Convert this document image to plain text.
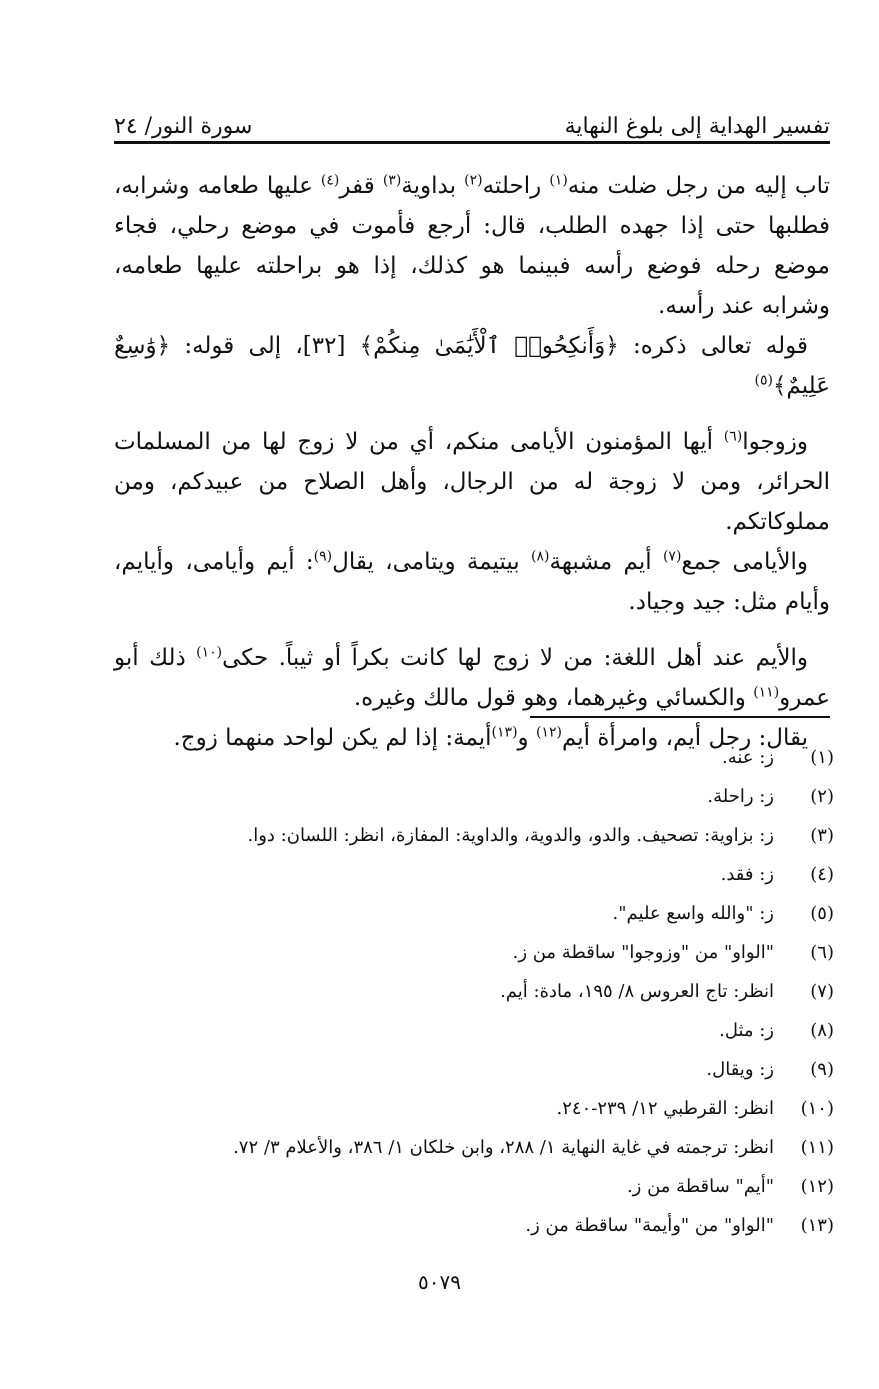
تفسير الهداية إلى بلوغ النهاية
سورة النور/ ٢٤

تاب إليه من رجل ضلت منه$^{(١)}$ راحلته$^{(٢)}$ بداوية$^{(٣)}$ قفر$^{(٤)}$ عليها طعامه وشرابه، فطلبها حتى إذا جهده الطلب، قال: أرجع فأموت في موضع رحلي، فجاء موضع رحله فوضع رأسه فبينما هو كذلك، إذا هو براحلته عليها طعامه، وشرابه عند رأسه.

قوله تعالى ذكره: ﴿وَأَنكِحُوا۟ ٱلْأَيَٰمَىٰ مِنكُمْ﴾ [٣٢]، إلى قوله: ﴿وَٰسِعٌ عَلِيمٌ﴾$^{(٥)}$

وزوجوا$^{(٦)}$ أيها المؤمنون الأيامى منكم، أي من لا زوج لها من المسلمات الحرائر، ومن لا زوجة له من الرجال، وأهل الصلاح من عبيدكم، ومن مملوكاتكم.

والأيامى جمع$^{(٧)}$ أيم مشبهة$^{(٨)}$ بيتيمة ويتامى، يقال$^{(٩)}$: أيم وأيامى، وأيايم، وأيام مثل: جيد وجياد.

والأيم عند أهل اللغة: من لا زوج لها كانت بكراً أو ثيباً. حكى$^{(١٠)}$ ذلك أبو عمرو$^{(١١)}$ والكسائي وغيرهما، وهو قول مالك وغيره.

يقال: رجل أيم، وامرأة أيم$^{(١٢)}$ و$^{(١٣)}$أيمة: إذا لم يكن لواحد منهما زوج.

(١)
ز: عنه.
(٢)
ز: راحلة.
(٣)
ز: بزاوية: تصحيف. والدو، والدوية، والداوية: المفازة، انظر: اللسان: دوا.
(٤)
ز: فقد.
(٥)
ز: "والله واسع عليم".
(٦)
"الواو" من "وزوجوا" ساقطة من ز.
(٧)
انظر: تاج العروس ٨/ ١٩٥، مادة: أيم.
(٨)
ز: مثل.
(٩)
ز: ويقال.
(١٠)
انظر: القرطبي ١٢/ ٢٣٩-٢٤٠.
(١١)
انظر: ترجمته في غاية النهاية ١/ ٢٨٨، وابن خلكان ١/ ٣٨٦، والأعلام ٣/ ٧٢.
(١٢)
"أيم" ساقطة من ز.
(١٣)
"الواو" من "وأيمة" ساقطة من ز.
٥٠٧٩
